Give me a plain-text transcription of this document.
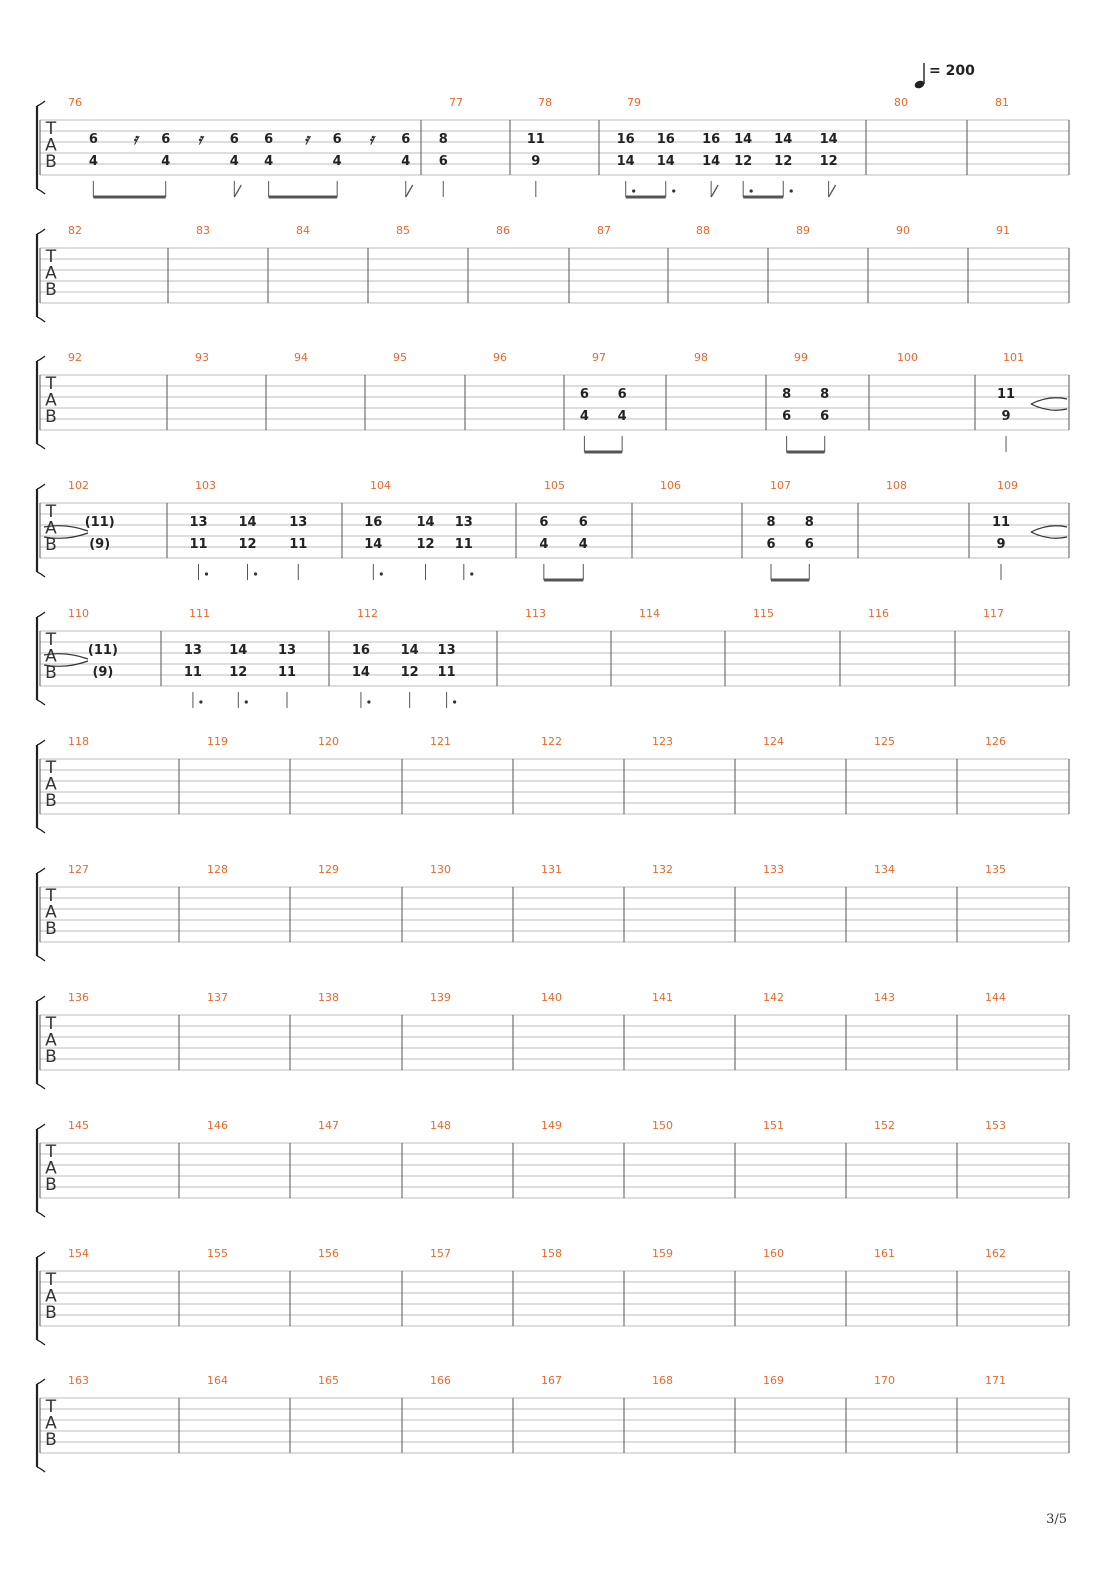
= 200
T
A
B
76
6
4
6
4
6
4
6
4
6
4
6
4
𝄿	𝄿	𝄿	𝄿
77
8
6
78
11
9
79
16
14
16
14
16
14
14
12
14
12
14
12
80	81
T
A
B
82	83	84	85	86	87	88	89	90	91
T
A
B
92	93	94	95	96	97
6
4
6
4
98	99
8
6
8
6
100	101
11
9
T
A
B
102
(11)
(9)
103
13
11
14
12
13
11
104
16
14
14
12
13
11
105
6
4
6
4
106	107
8
6
8
6
108	109
11
9
T
A
B
110
(11)
(9)
111
13
11
14
12
13
11
112
16
14
14
12
13
11
113	114	115	116	117
T
A
B
118	119	120	121	122	123	124	125	126
T
A
B
127	128	129	130	131	132	133	134	135
T
A
B
136	137	138	139	140	141	142	143	144
T
A
B
145	146	147	148	149	150	151	152	153
T
A
B
154	155	156	157	158	159	160	161	162
T
A
B
163	164	165	166	167	168	169	170	171
3/5
